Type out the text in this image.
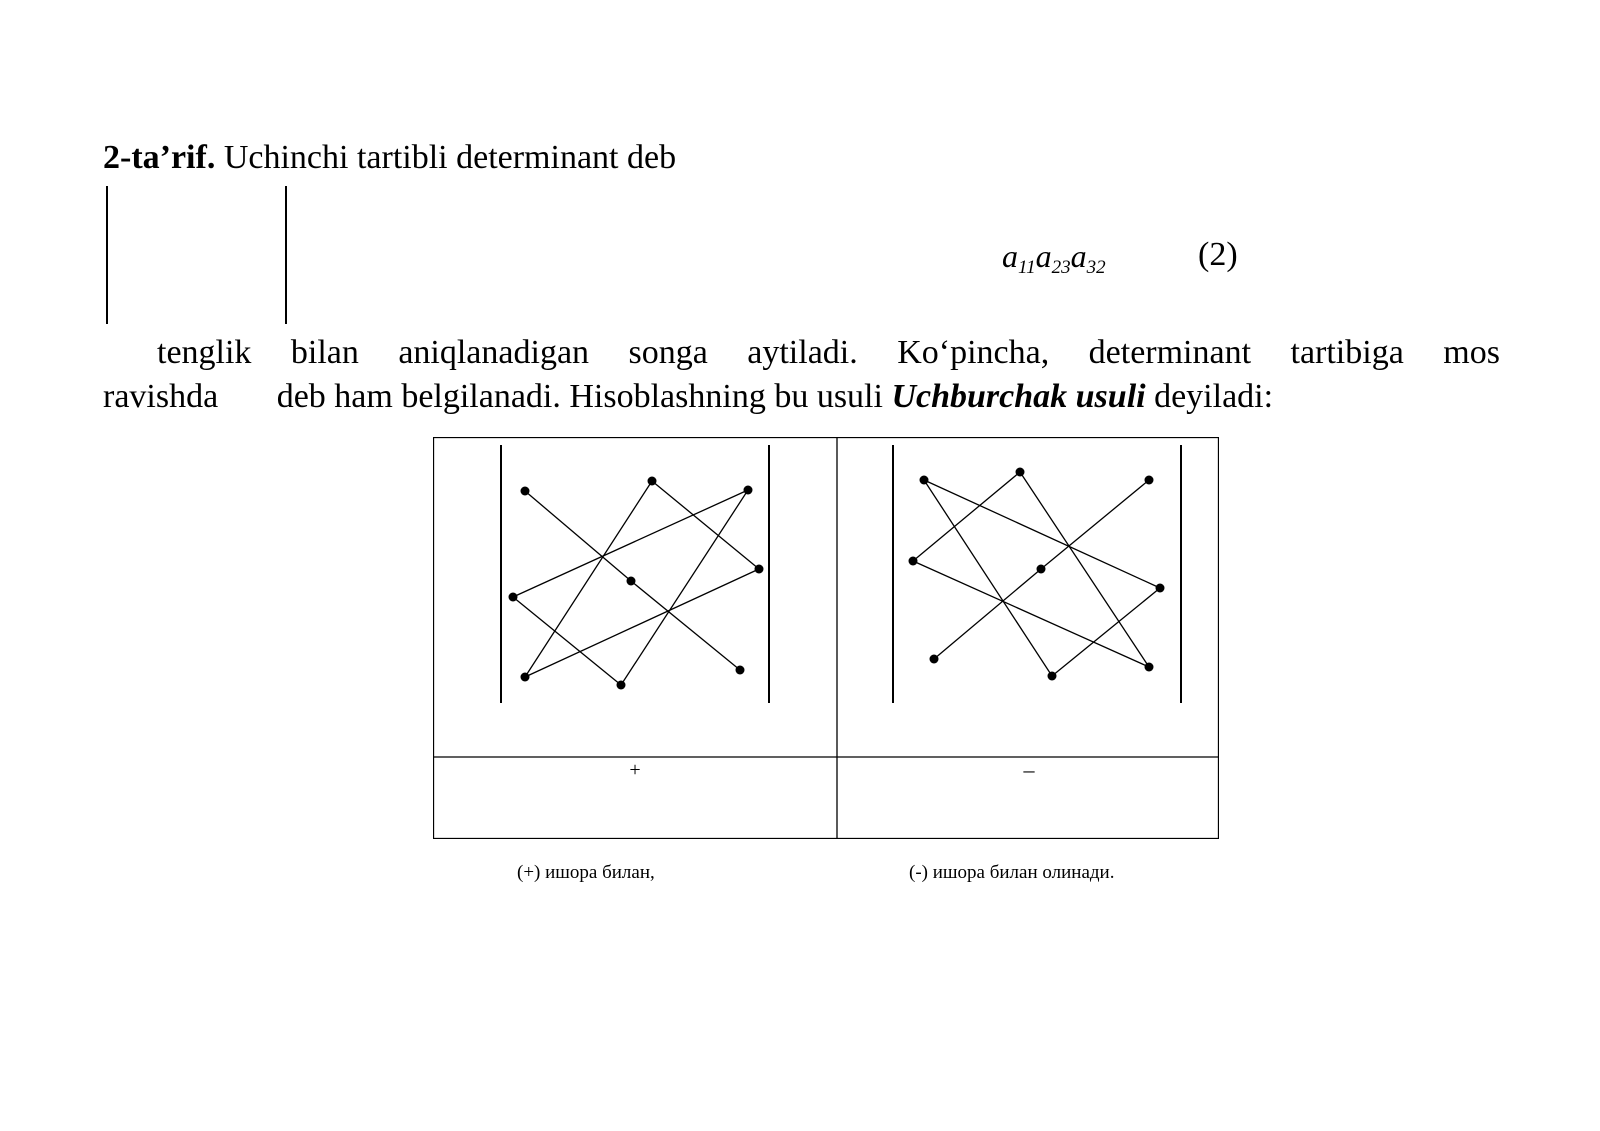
2-ta’rif. Uchinchi tartibli determinant deb
$a_{11}a_{23}a_{32}$	(2)
tenglik bilan aniqlanadigan songa aytiladi. Ko‘pincha, determinant tartibiga mos
ravishda deb ham belgilanadi. Hisoblashning bu usuli Uchburchak usuli deyiladi:
+	–
(+) ишора билан,	(-) ишора билан олинади.
